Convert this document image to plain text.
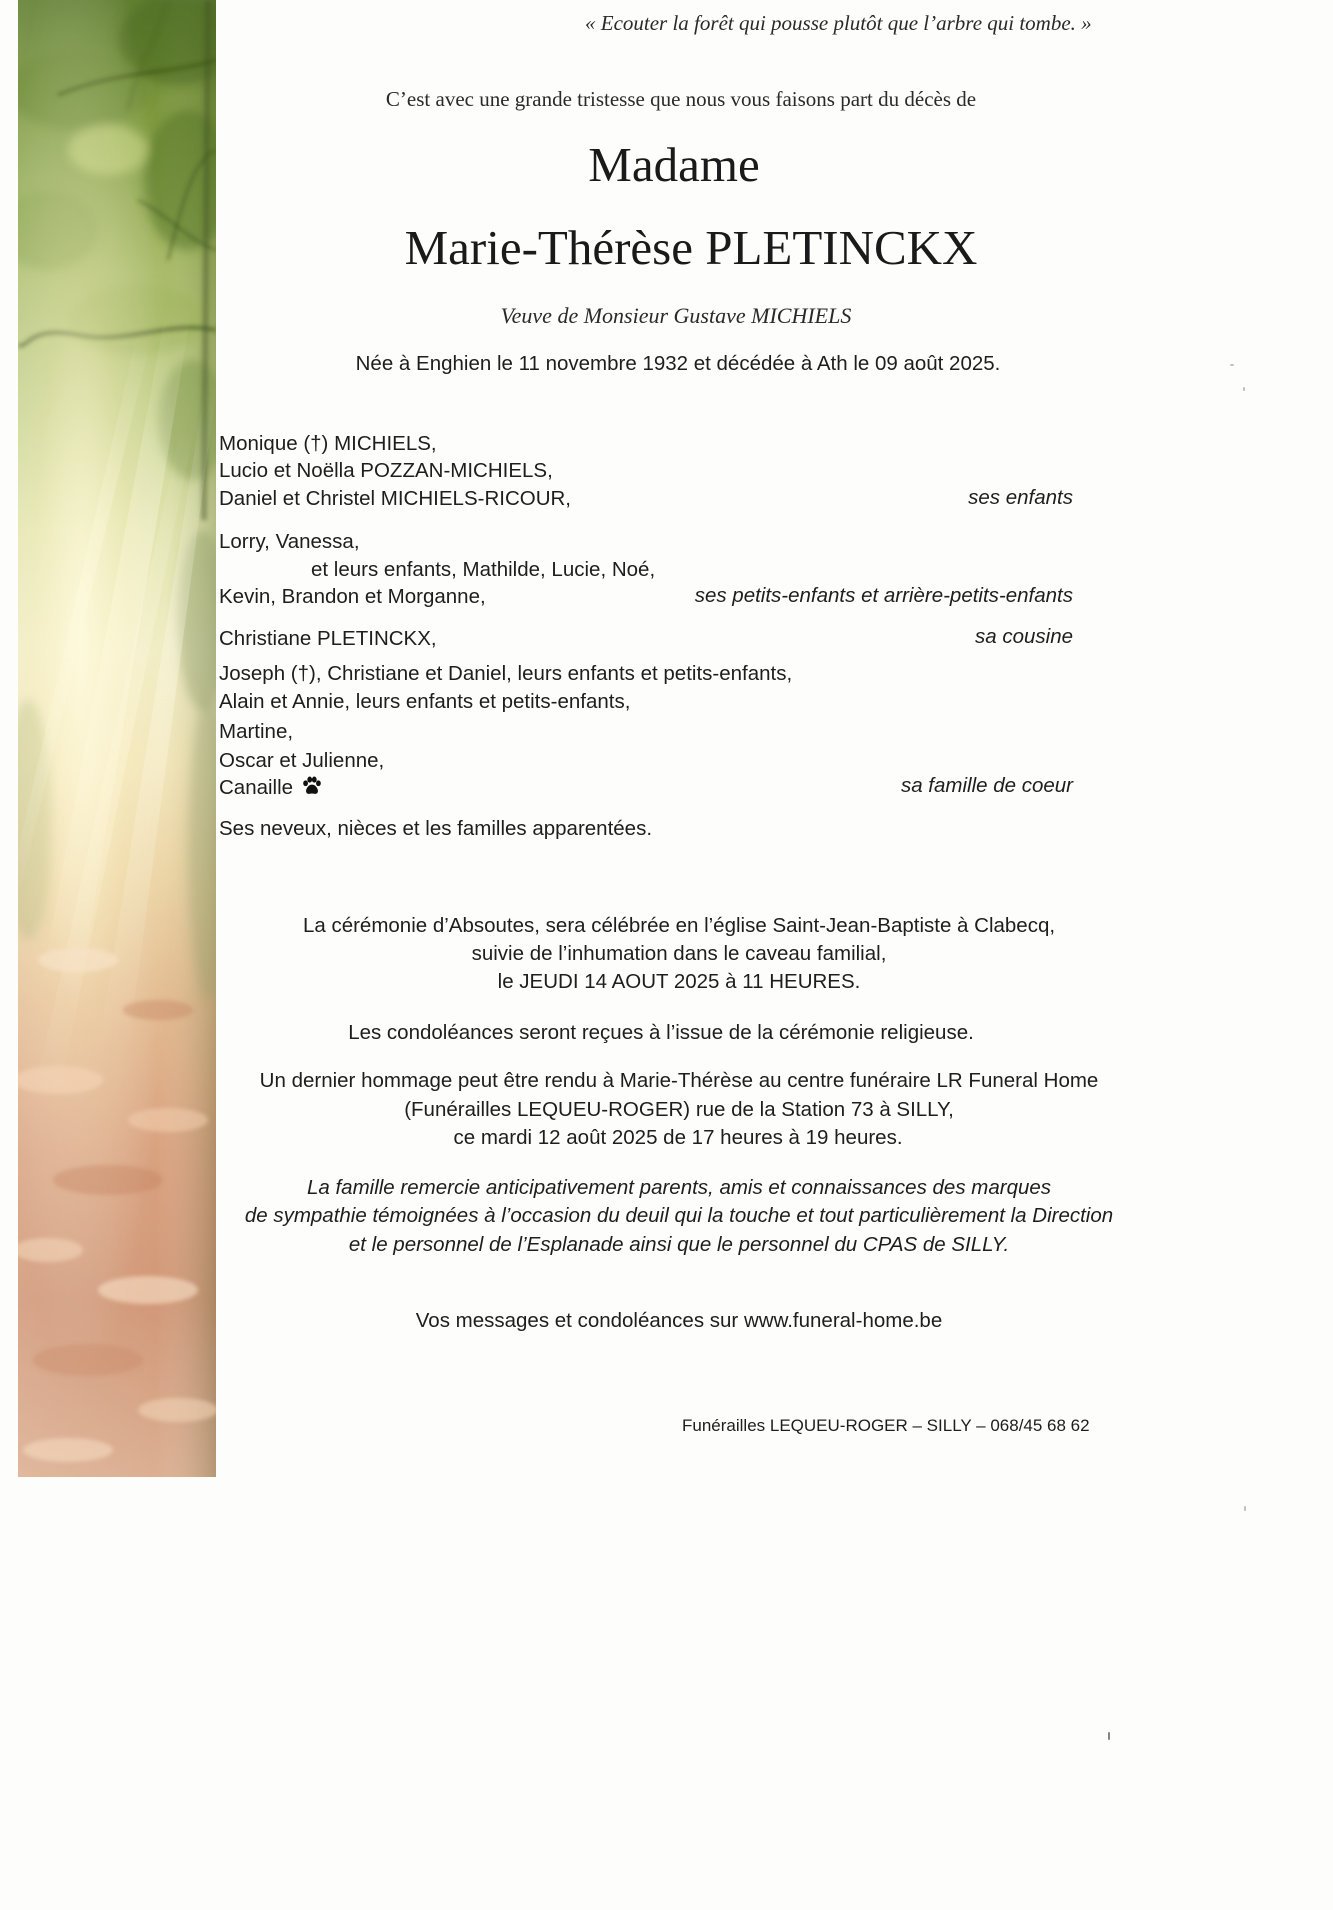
« Ecouter la forêt qui pousse plutôt que l’arbre qui tombe. »
C’est avec une grande tristesse que nous vous faisons part du décès de
Madame
Marie-Thérèse PLETINCKX
Veuve de Monsieur Gustave MICHIELS
Née à Enghien le 11 novembre 1932 et décédée à Ath le 09 août 2025.
Monique (†) MICHIELS,
Lucio et Noëlla POZZAN-MICHIELS,
Daniel et Christel MICHIELS-RICOUR,	ses enfants
Lorry, Vanessa,
et leurs enfants, Mathilde, Lucie, Noé,
Kevin, Brandon et Morganne,	ses petits-enfants et arrière-petits-enfants
Christiane PLETINCKX,	sa cousine
Joseph (†), Christiane et Daniel, leurs enfants et petits-enfants,
Alain et Annie, leurs enfants et petits-enfants,
Martine,
Oscar et Julienne,
Canaille	sa famille de coeur
Ses neveux, nièces et les familles apparentées.
La cérémonie d’Absoutes, sera célébrée en l’église Saint-Jean-Baptiste à Clabecq,
suivie de l’inhumation dans le caveau familial,
le JEUDI 14 AOUT 2025 à 11 HEURES.
Les condoléances seront reçues à l’issue de la cérémonie religieuse.
Un dernier hommage peut être rendu à Marie-Thérèse au centre funéraire LR Funeral Home
(Funérailles LEQUEU-ROGER) rue de la Station 73 à SILLY,
ce mardi 12 août 2025 de 17 heures à 19 heures.
La famille remercie anticipativement parents, amis et connaissances des marques
de sympathie témoignées à l’occasion du deuil qui la touche et tout particulièrement la Direction
et le personnel de l’Esplanade ainsi que le personnel du CPAS de SILLY.
Vos messages et condoléances sur www.funeral-home.be
Funérailles LEQUEU-ROGER – SILLY – 068/45 68 62
